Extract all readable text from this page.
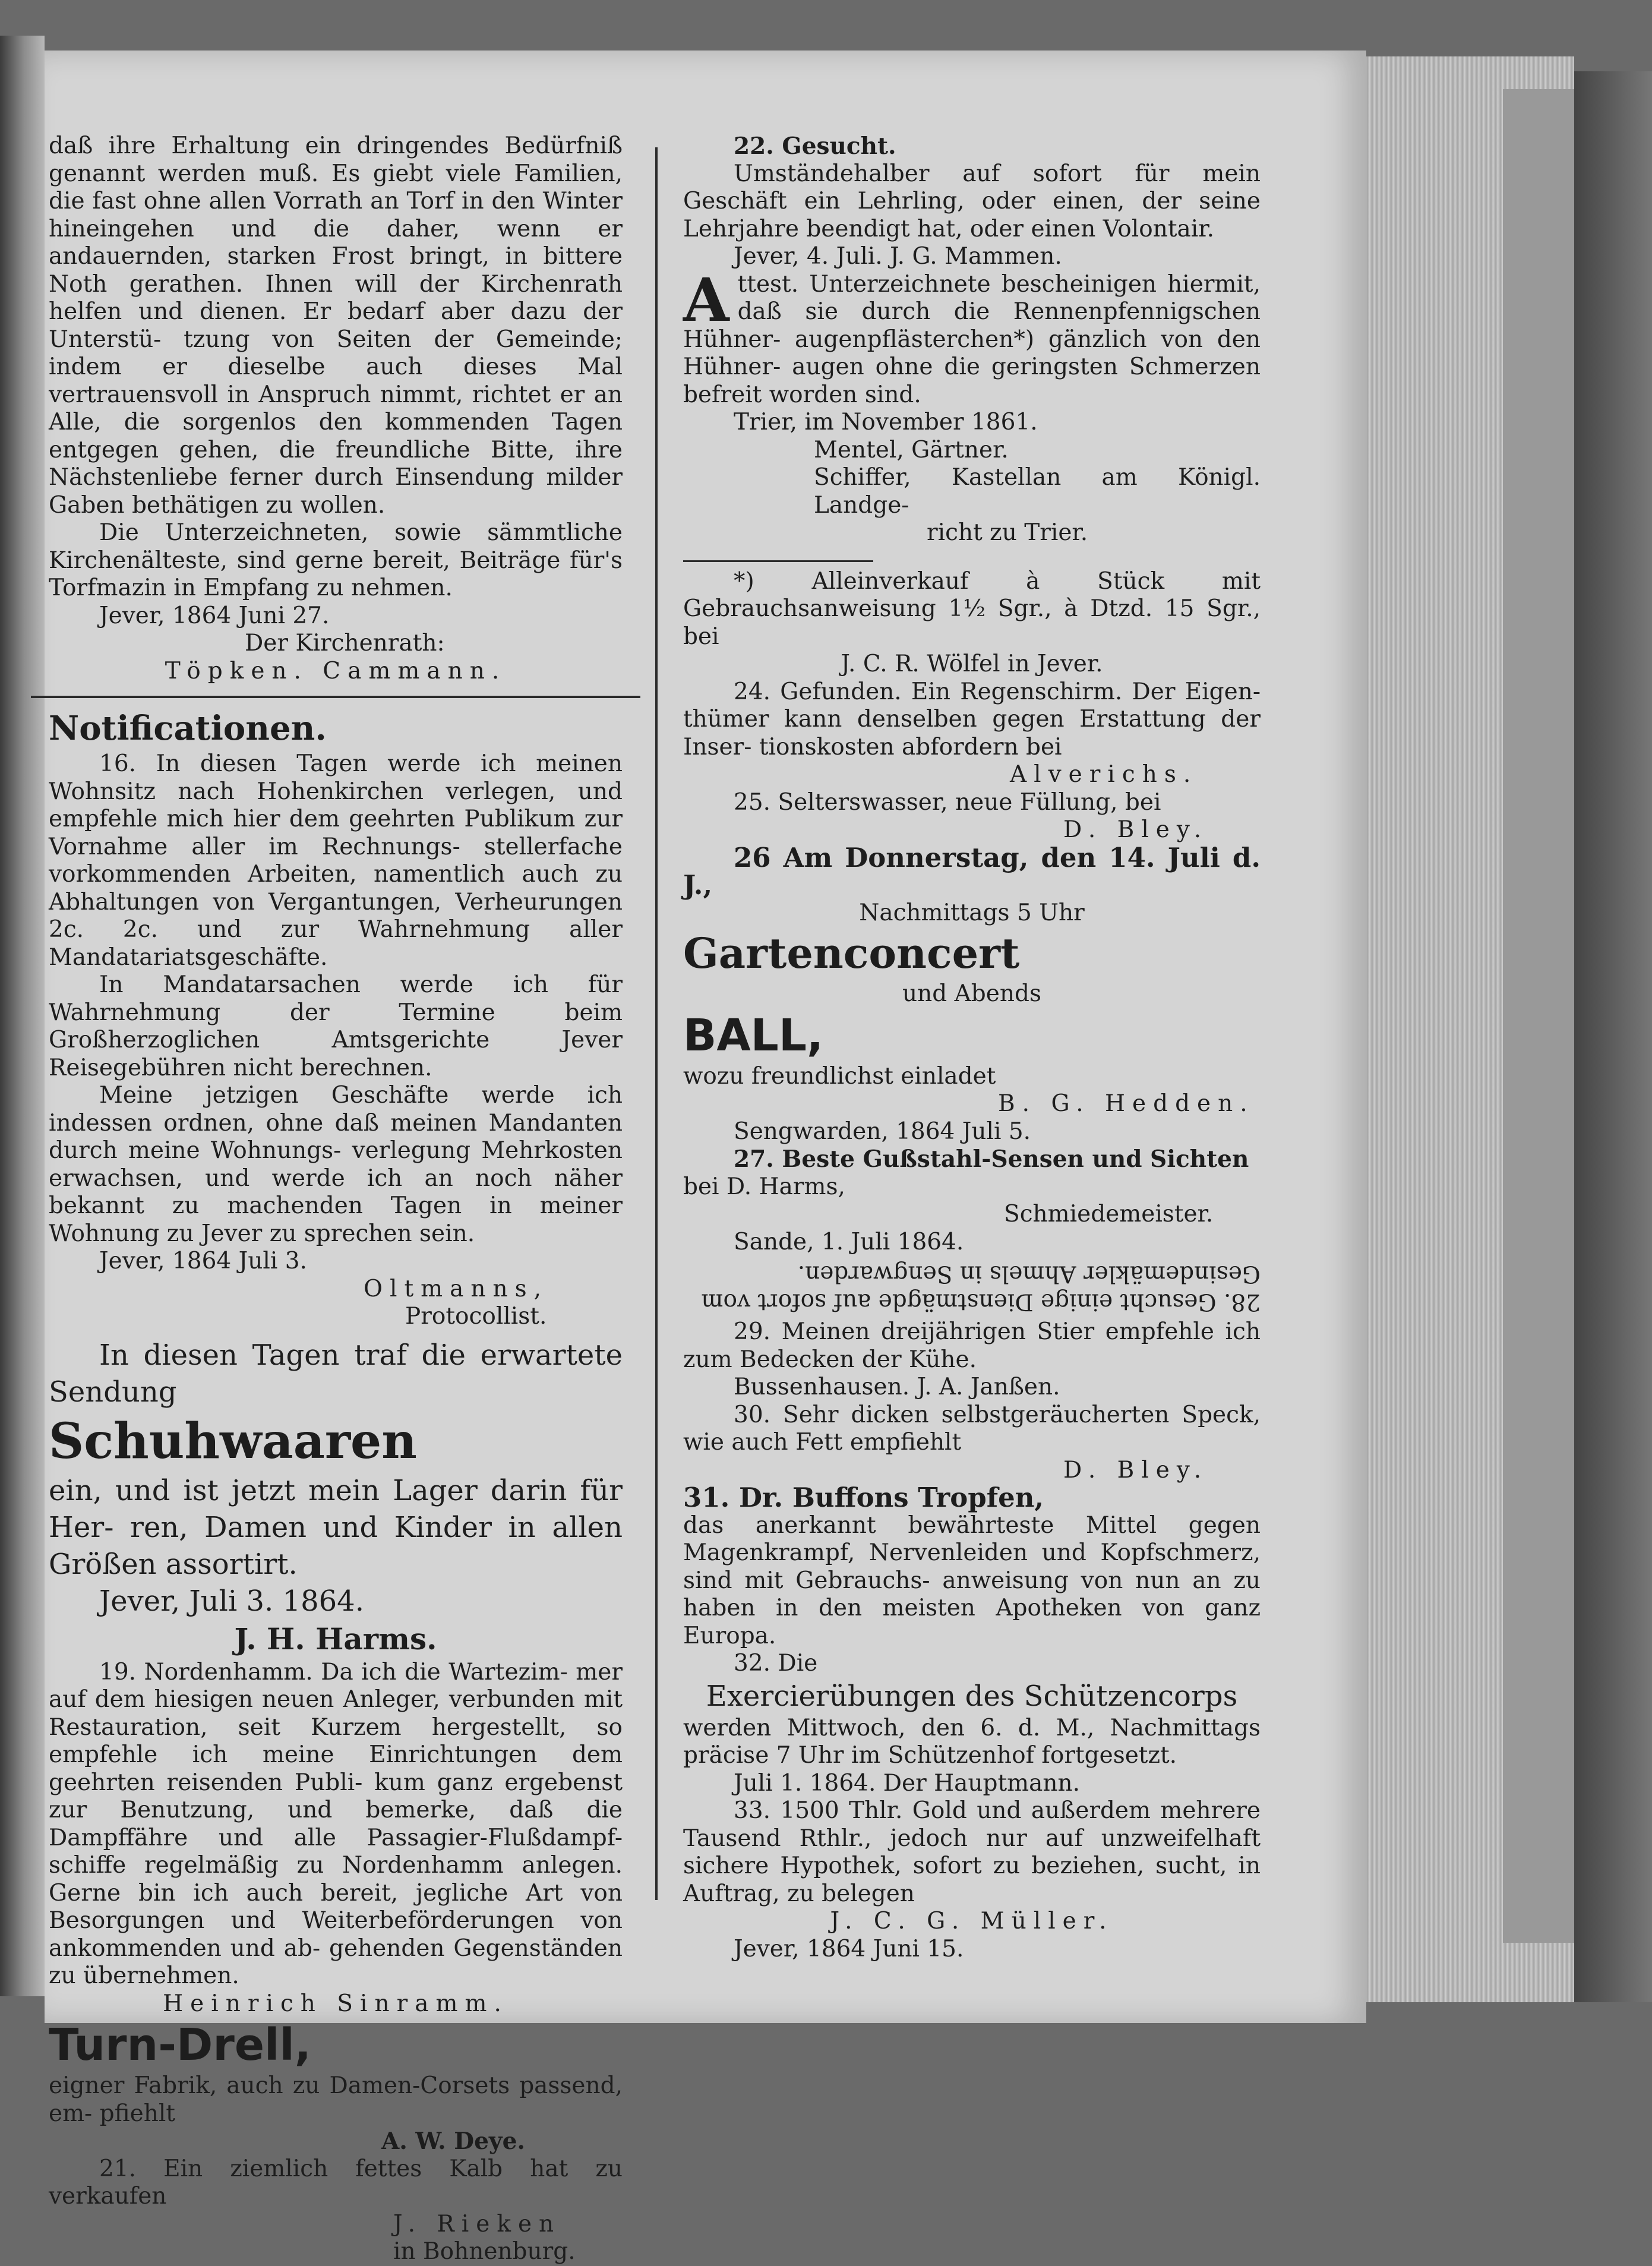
daß ihre Erhaltung ein dringendes Bedürfniß genannt werden muß. Es giebt viele Familien, die fast ohne allen Vorrath an Torf in den Winter hineingehen und die daher, wenn er andauernden, starken Frost bringt, in bittere Noth gerathen. Ihnen will der Kirchenrath helfen und dienen. Er bedarf aber dazu der Unterstü- tzung von Seiten der Gemeinde; indem er dieselbe auch dieses Mal vertrauensvoll in Anspruch nimmt, richtet er an Alle, die sorgenlos den kommenden Tagen entgegen gehen, die freundliche Bitte, ihre Nächstenliebe ferner durch Einsendung milder Gaben bethätigen zu wollen.

Die Unterzeichneten, sowie sämmtliche Kirchenälteste, sind gerne bereit, Beiträge für's Torfmazin in Empfang zu nehmen.

Jever, 1864 Juni 27.

Der Kirchenrath:

Töpken. Cammann.

Notificationen.

16. In diesen Tagen werde ich meinen Wohnsitz nach Hohenkirchen verlegen, und empfehle mich hier dem geehrten Publikum zur Vornahme aller im Rechnungs- stellerfache vorkommenden Arbeiten, namentlich auch zu Abhaltungen von Vergantungen, Verheurungen 2c. 2c. und zur Wahrnehmung aller Mandatariatsgeschäfte.

In Mandatarsachen werde ich für Wahrnehmung	der Termine beim Großherzoglichen Amtsgerichte Jever Reisegebühren nicht berechnen.

Meine jetzigen Geschäfte werde ich indessen ordnen, ohne daß meinen Mandanten durch meine Wohnungs- verlegung Mehrkosten erwachsen, und werde ich an noch näher bekannt zu machenden Tagen in meiner Wohnung zu Jever zu sprechen sein.

Jever, 1864 Juli 3.

Oltmanns,

Protocollist.

In diesen Tagen traf die erwartete Sendung

Schuhwaaren

ein, und ist jetzt mein Lager darin für Her- ren, Damen und Kinder in allen Größen assortirt.

Jever, Juli 3. 1864.

J. H. Harms.

19. Nordenhamm. Da ich die Wartezim- mer auf dem hiesigen neuen Anleger, verbunden mit Restauration, seit Kurzem hergestellt, so empfehle ich meine Einrichtungen dem geehrten reisenden Publi- kum ganz ergebenst zur Benutzung, und bemerke, daß die Dampffähre und alle Passagier-Flußdampf- schiffe regelmäßig zu Nordenhamm anlegen. Gerne bin ich auch bereit, jegliche Art von Besorgungen und Weiterbeförderungen von ankommenden und ab- gehenden Gegenständen zu übernehmen.

Heinrich Sinramm.

Turn-Drell,

eigner Fabrik, auch zu Damen-Corsets passend, em- pfiehlt

A. W. Deye.

21. Ein ziemlich fettes Kalb hat zu verkaufen

J. Rieken

in Bohnenburg.

22. Gesucht.

Umständehalber auf sofort für mein Geschäft ein Lehrling, oder einen, der seine Lehrjahre beendigt hat, oder einen Volontair.

Jever, 4. Juli. J. G. Mammen.

A ttest. Unterzeichnete bescheinigen hiermit, daß sie durch die Rennenpfennigschen Hühner- augenpflästerchen*) gänzlich von den Hühner- augen ohne die geringsten Schmerzen befreit worden sind.

Trier, im November 1861.

Mentel, Gärtner.

Schiffer, Kastellan am Königl. Landge-

richt zu Trier.

*) Alleinverkauf à Stück mit Gebrauchsanweisung 1½ Sgr., à Dtzd. 15 Sgr., bei

J. C. R. Wölfel in Jever.

24. Gefunden. Ein Regenschirm. Der Eigen- thümer kann denselben gegen Erstattung der Inser- tionskosten abfordern bei

Alverichs.

25. Selterswasser, neue Füllung, bei

D. Bley.

26 Am Donnerstag, den 14. Juli d. J.,

Nachmittags 5 Uhr

Gartenconcert

und Abends

BALL,

wozu freundlichst einladet

B. G. Hedden.

Sengwarden, 1864 Juli 5.

27. Beste Gußstahl-Sensen und Sichten

bei D. Harms,

Schmiedemeister.

Sande, 1. Juli 1864.

Gesindemäkler Ahmels in Sengwarden.

28. Gesucht einige Dienstmägde auf sofort vom

29. Meinen dreijährigen Stier empfehle ich zum Bedecken der Kühe.

Bussenhausen. J. A. Janßen.

30. Sehr dicken selbstgeräucherten Speck, wie auch Fett empfiehlt

D. Bley.

31. Dr. Buffons Tropfen,

das anerkannt bewährteste Mittel gegen Magenkrampf, Nervenleiden und Kopfschmerz, sind mit Gebrauchs- anweisung von nun an zu haben in den meisten Apotheken von ganz Europa.

32. Die

Exercierübungen des Schützencorps

werden Mittwoch, den 6. d. M., Nachmittags präcise 7 Uhr im Schützenhof fortgesetzt.

Juli 1. 1864. Der Hauptmann.

33. 1500 Thlr. Gold und außerdem mehrere Tausend Rthlr., jedoch nur auf unzweifelhaft sichere Hypothek, sofort zu beziehen, sucht, in Auftrag, zu belegen

J. C. G. Müller.

Jever, 1864 Juni 15.
